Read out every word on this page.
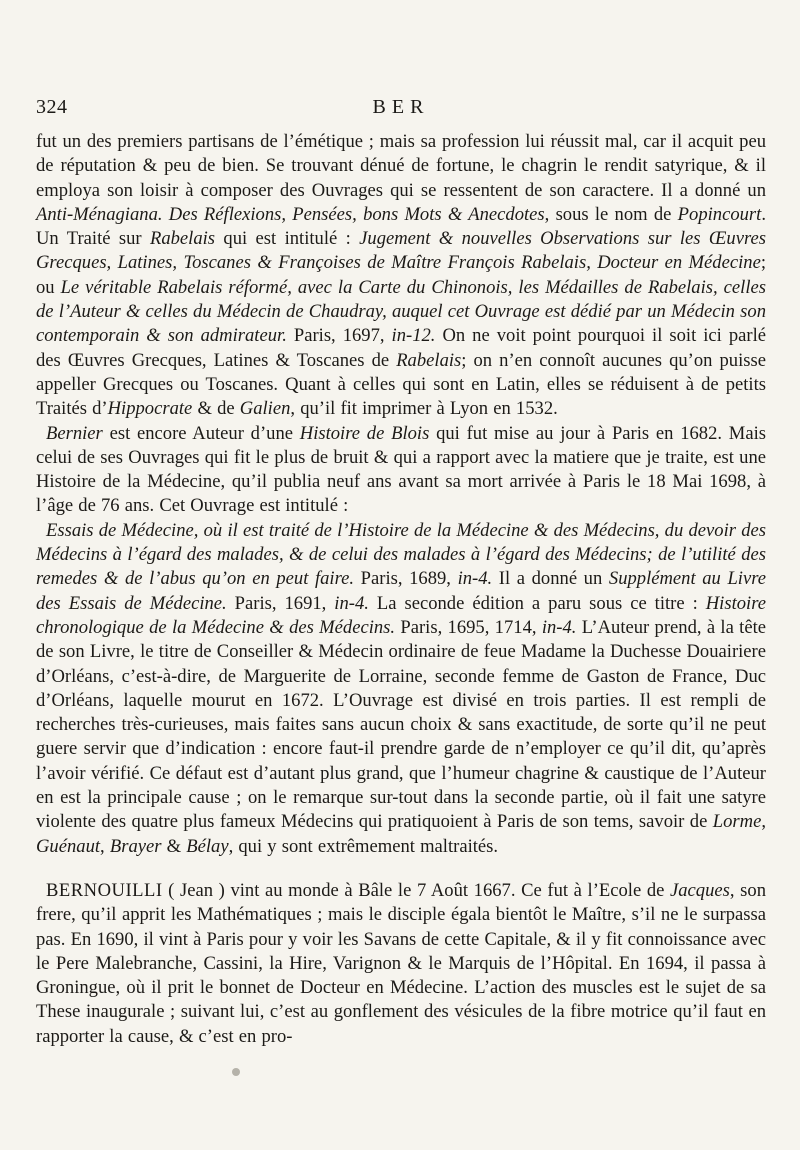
324	BER

fut un des premiers partisans de l’émétique ; mais sa profession lui réussit mal, car il acquit peu de réputation & peu de bien. Se trouvant dénué de fortune, le chagrin le rendit satyrique, & il employa son loisir à composer des Ouvrages qui se ressentent de son caractere. Il a donné un Anti-Ménagiana. Des Réflexions, Pensées, bons Mots & Anecdotes, sous le nom de Popincourt. Un Traité sur Rabelais qui est intitulé : Jugement & nouvelles Observations sur les Œuvres Grecques, Latines, Toscanes & Françoises de Maître François Rabelais, Docteur en Médecine; ou Le véritable Rabelais réformé, avec la Carte du Chinonois, les Médailles de Rabelais, celles de l’Auteur & celles du Médecin de Chaudray, auquel cet Ouvrage est dédié par un Médecin son contemporain & son admirateur. Paris, 1697, in-12. On ne voit point pourquoi il soit ici parlé des Œuvres Grecques, Latines & Toscanes de Rabelais; on n’en connoît aucunes qu’on puisse appeller Grecques ou Toscanes. Quant à celles qui sont en Latin, elles se réduisent à de petits Traités d’Hippocrate & de Galien, qu’il fit imprimer à Lyon en 1532.

Bernier est encore Auteur d’une Histoire de Blois qui fut mise au jour à Paris en 1682. Mais celui de ses Ouvrages qui fit le plus de bruit & qui a rapport avec la matiere que je traite, est une Histoire de la Médecine, qu’il publia neuf ans avant sa mort arrivée à Paris le 18 Mai 1698, à l’âge de 76 ans. Cet Ouvrage est intitulé :

Essais de Médecine, où il est traité de l’Histoire de la Médecine & des Médecins, du devoir des Médecins à l’égard des malades, & de celui des malades à l’égard des Médecins; de l’utilité des remedes & de l’abus qu’on en peut faire. Paris, 1689, in-4. Il a donné un Supplément au Livre des Essais de Médecine. Paris, 1691, in-4. La seconde édition a paru sous ce titre : Histoire chronologique de la Médecine & des Médecins. Paris, 1695, 1714, in-4. L’Auteur prend, à la tête de son Livre, le titre de Conseiller & Médecin ordinaire de feue Madame la Duchesse Douairiere d’Orléans, c’est-à-dire, de Marguerite de Lorraine, seconde femme de Gaston de France, Duc d’Orléans, laquelle mourut en 1672. L’Ouvrage est divisé en trois parties. Il est rempli de recherches très-curieuses, mais faites sans aucun choix & sans exactitude, de sorte qu’il ne peut guere servir que d’indication : encore faut-il prendre garde de n’employer ce qu’il dit, qu’après l’avoir vérifié. Ce défaut est d’autant plus grand, que l’humeur chagrine & caustique de l’Auteur en est la principale cause ; on le remarque sur-tout dans la seconde partie, où il fait une satyre violente des quatre plus fameux Médecins qui pratiquoient à Paris de son tems, savoir de Lorme, Guénaut, Brayer & Bélay, qui y sont extrêmement maltraités.

BERNOUILLI ( Jean ) vint au monde à Bâle le 7 Août 1667. Ce fut à l’Ecole de Jacques, son frere, qu’il apprit les Mathématiques ; mais le disciple égala bientôt le Maître, s’il ne le surpassa pas. En 1690, il vint à Paris pour y voir les Savans de cette Capitale, & il y fit connoissance avec le Pere Malebranche, Cassini, la Hire, Varignon & le Marquis de l’Hôpital. En 1694, il passa à Groningue, où il prit le bonnet de Docteur en Médecine. L’action des muscles est le sujet de sa These inaugurale ; suivant lui, c’est au gonflement des vésicules de la fibre motrice qu’il faut en rapporter la cause, & c’est en pro-
